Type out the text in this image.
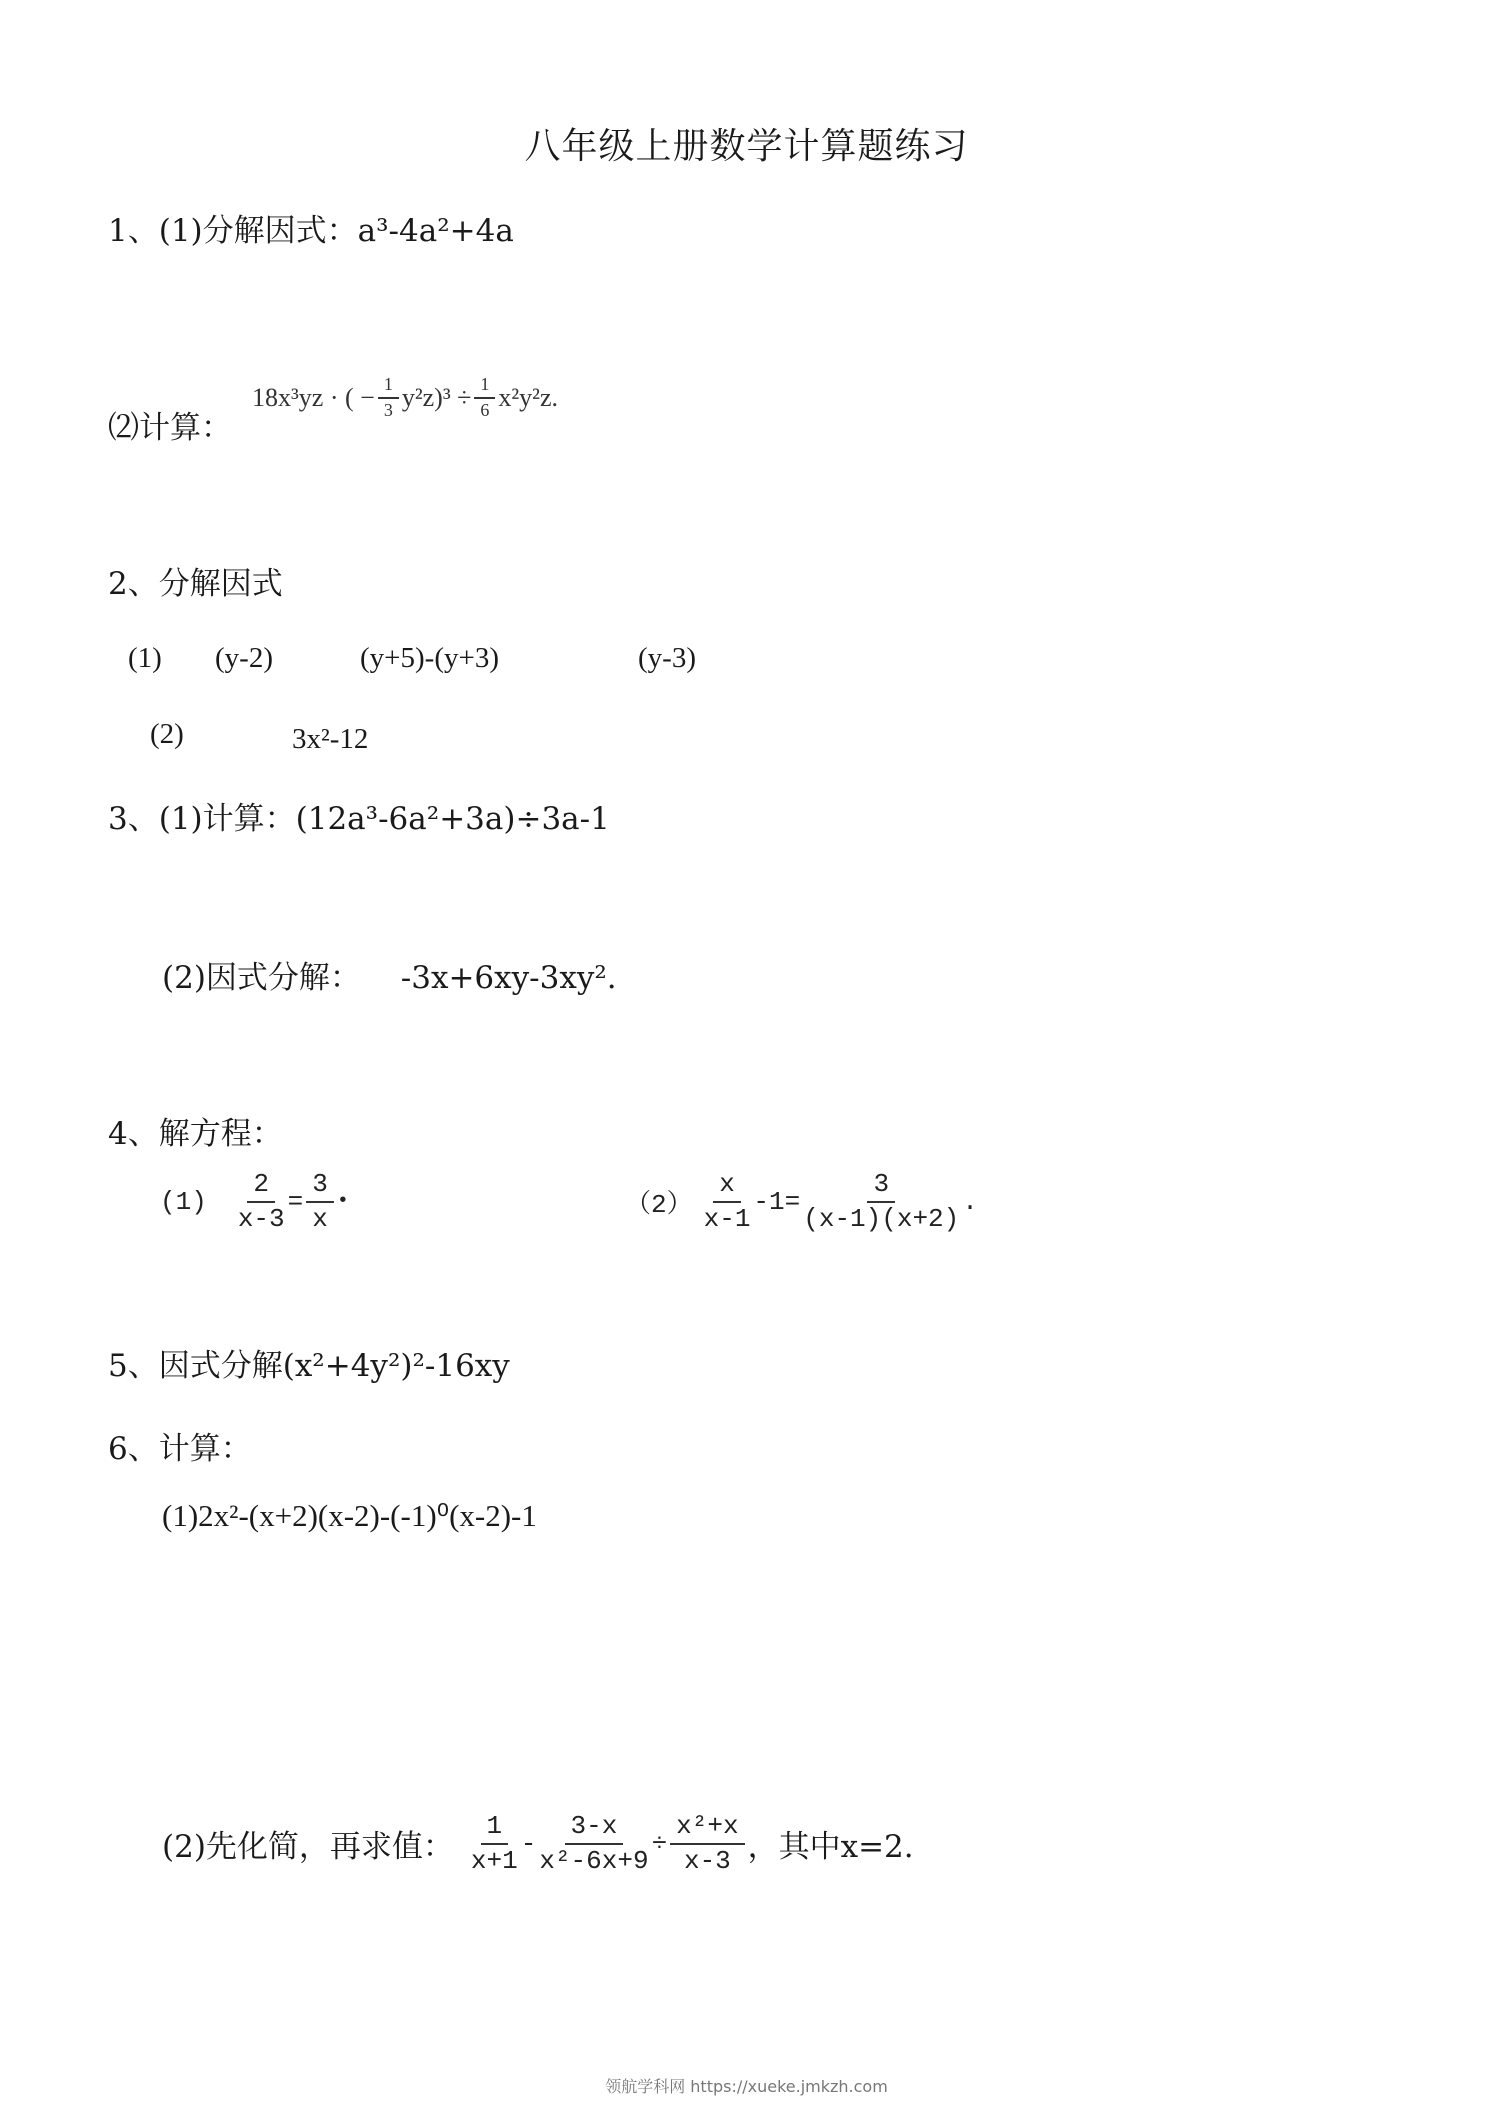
八年级上册数学计算题练习
1、(1)分解因式：a³-4a²+4a
⑵计算：
18x³yz · ( − $\frac{1}{3} y^2z)^3 \div \frac{1}{6} x^2y^2z$.
2、分解因式
(1) (y-2)	(y+5)-(y+3)	(y-3)
(2)	3x²-12
3、(1)计算：(12a³-6a²+3a)÷3a-1
(2)因式分解： -3x+6xy-3xy².
4、解方程：
$(1) \frac{2}{x-3} = \frac{3}{x}$ •	$(2) \frac{x}{x-1} -1= \frac{3}{(x-1)(x+2)}$ .
5、因式分解(x²+4y²)²-16xy
6、计算：
(1)2x²-(x+2)(x-2)-(-1)⁰(x-2)-1
(2)先化简，再求值： $\frac{1}{x+1} - \frac{3-x}{\text{x²-6x+9}} \div \frac{\text{x²+x}}{x-3}$ ，其中x=2.
领航学科网 https://xueke.jmkzh.com
